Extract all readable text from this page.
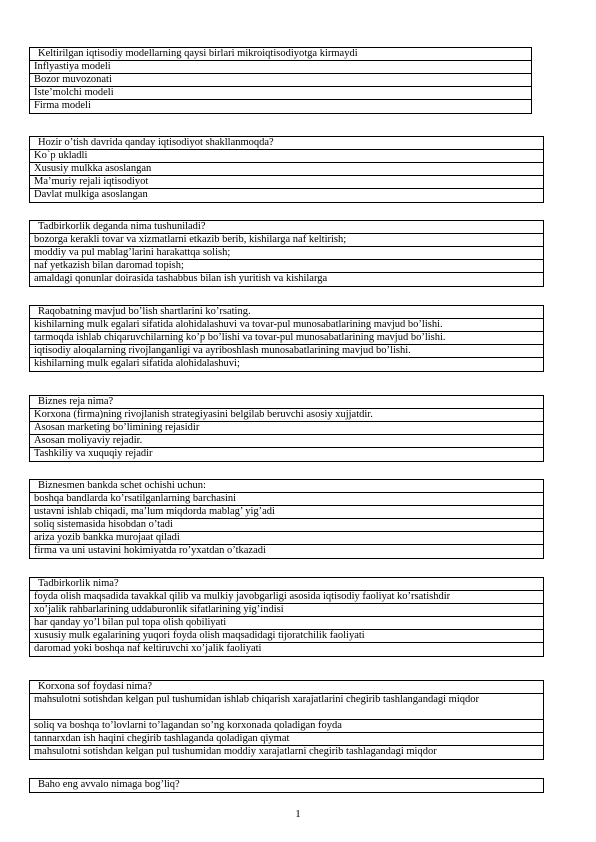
Keltirilgan iqtisodiy modellarning qaysi birlari mikroiqtisodiyotga kirmaydi
Inflyastiya modeli
Bozor muvozonati
Iste’molchi modeli
Firma modeli
Hozir o’tish davrida qanday iqtisodiyot shakllanmoqda?
Ko`p ukladli
Xususiy mulkka asoslangan
Ma’muriy rejali iqtisodiyot
Davlat mulkiga asoslangan
Tadbirkorlik deganda nima tushuniladi?
bozorga kerakli tovar va xizmatlarni etkazib berib, kishilarga naf keltirish;
moddiy va pul mablag’larini harakattqa solish;
naf yetkazish bilan daromad topish;
amaldagi qonunlar doirasida tashabbus bilan ish yuritish va kishilarga
Raqobatning mavjud bo’lish shartlarini ko’rsating.
kishilarning mulk egalari sifatida alohidalashuvi va tovar-pul munosabatlarining mavjud bo’lishi.
tarmoqda ishlab chiqaruvchilarning ko’p bo’lishi va tovar-pul munosabatlarining mavjud bo’lishi.
iqtisodiy aloqalarning rivojlanganligi va ayriboshlash munosabatlarining mavjud bo’lishi.
kishilarning mulk egalari sifatida alohidalashuvi;
Biznes reja nima?
Korxona (firma)ning rivojlanish strategiyasini belgilab beruvchi asosiy xujjatdir.
Asosan marketing bo’limining rejasidir
Asosan moliyaviy rejadir.
Tashkiliy va xuquqiy rejadir
Biznesmen bankda schet ochishi uchun:
boshqa bandlarda ko’rsatilganlarning barchasini
ustavni ishlab chiqadi, ma’lum miqdorda mablag’ yig’adi
soliq sistemasida hisobdan o’tadi
ariza yozib bankka murojaat qiladi
firma va uni ustavini hokimiyatda ro’yxatdan o’tkazadi
Tadbirkorlik nima?
foyda olish maqsadida tavakkal qilib va mulkiy javobgarligi asosida iqtisodiy faoliyat ko’rsatishdir
xo’jalik rahbarlarining uddaburonlik sifatlarining yig’indisi
har qanday yo’l bilan pul topa olish qobiliyati
xususiy mulk egalarining yuqori foyda olish maqsadidagi tijoratchilik faoliyati
daromad yoki boshqa naf keltiruvchi xo’jalik faoliyati
Korxona sof foydasi nima?
mahsulotni sotishdan kelgan pul tushumidan ishlab chiqarish xarajatlarini chegirib tashlangandagi miqdor
soliq va boshqa to’lovlarni to’lagandan so’ng korxonada qoladigan foyda
tannarxdan ish haqini chegirib tashlaganda qoladigan qiymat
mahsulotni sotishdan kelgan pul tushumidan moddiy xarajatlarni chegirib tashlagandagi miqdor
Baho eng avvalo nimaga bog’liq?
1
